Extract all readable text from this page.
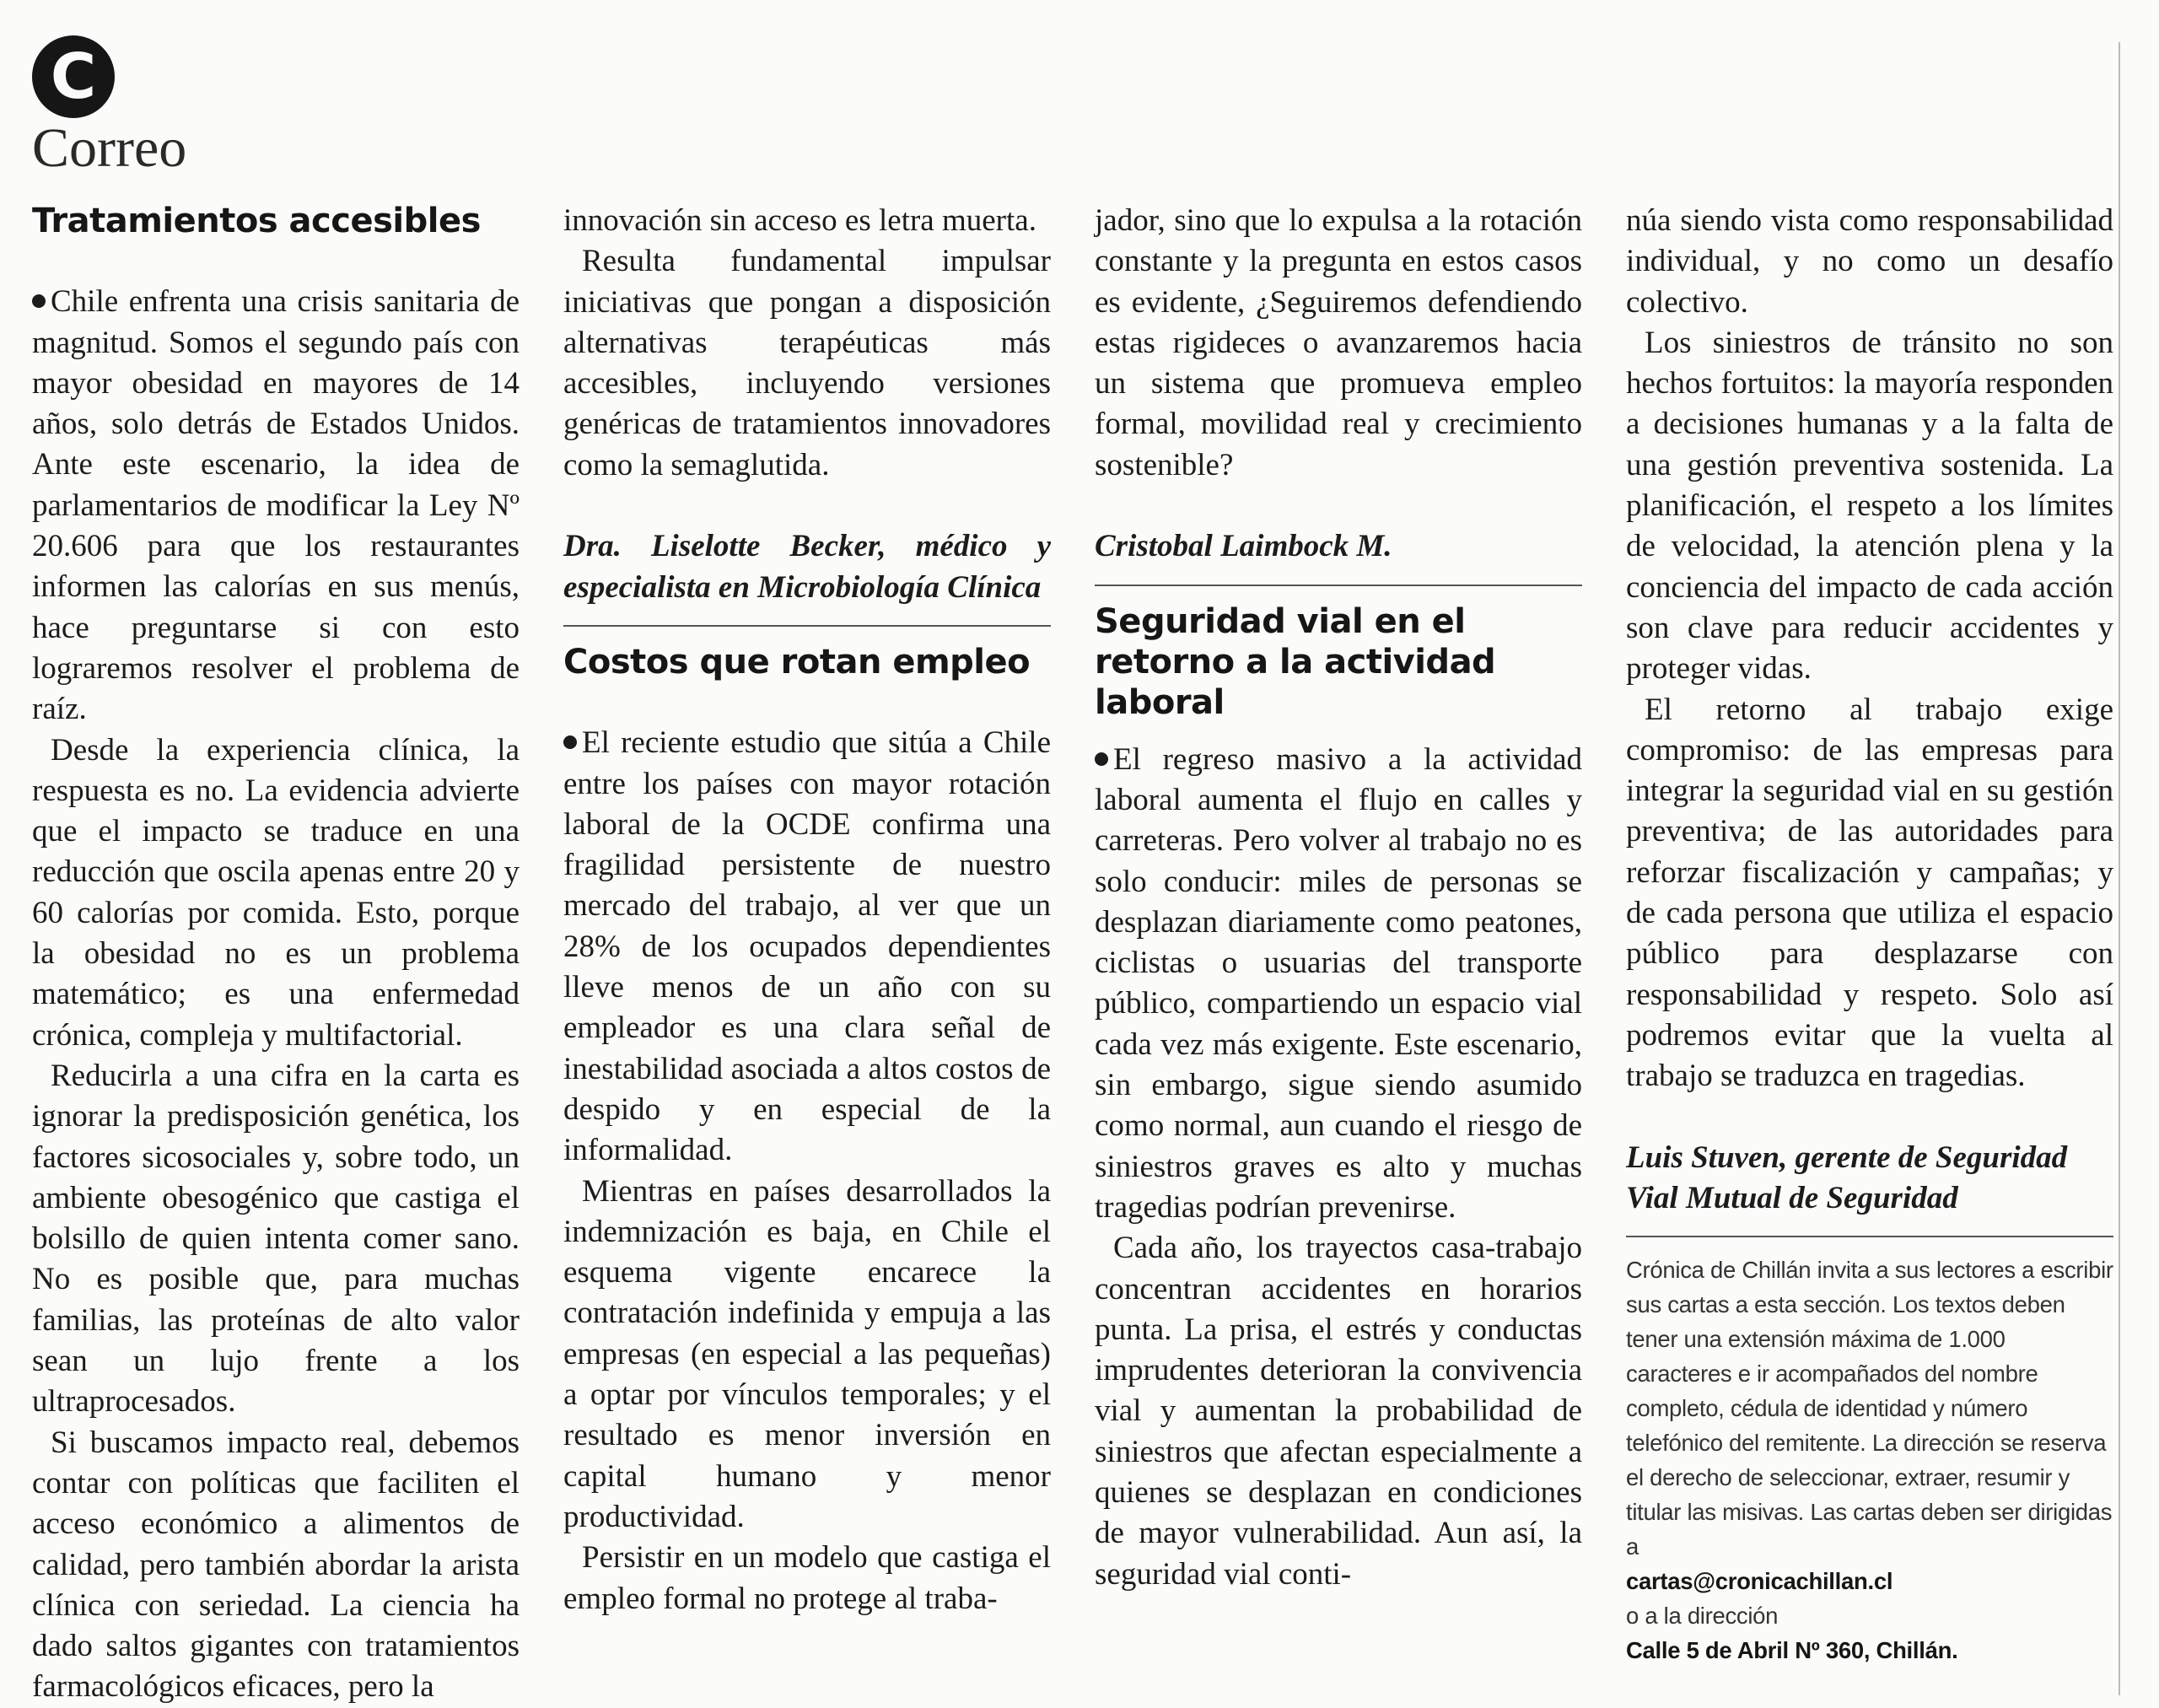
C
Correo
Tratamientos accesibles

Chile enfrenta una crisis sanitaria de magnitud. Somos el segundo país con mayor obesidad en mayores de 14 años, solo detrás de Estados Unidos. Ante este escenario, la idea de parlamentarios de modificar la Ley Nº 20.606 para que los restaurantes informen las calorías en sus menús, hace preguntarse si con esto lograremos resolver el problema de raíz.

Desde la experiencia clínica, la respuesta es no. La evidencia advierte que el impacto se traduce en una reducción que oscila apenas entre 20 y 60 calorías por comida. Esto, porque la obesidad no es un problema matemático; es una enfermedad crónica, compleja y multifactorial.

Reducirla a una cifra en la carta es ignorar la predisposición genética, los factores sicosociales y, sobre todo, un ambiente obesogénico que castiga el bolsillo de quien intenta comer sano. No es posible que, para muchas familias, las proteínas de alto valor sean un lujo frente a los ultraprocesados.

Si buscamos impacto real, debemos contar con políticas que faciliten el acceso económico a alimentos de calidad, pero también abordar la arista clínica con seriedad. La ciencia ha dado saltos gigantes con tratamientos farmacológicos eficaces, pero la

innovación sin acceso es letra muerta.

Resulta fundamental impulsar iniciativas que pongan a disposición alternativas terapéuticas más accesibles, incluyendo versiones genéricas de tratamientos innovadores como la semaglutida.

Dra. Liselotte Becker, médico y especialista en Microbiología Clínica

Costos que rotan empleo

El reciente estudio que sitúa a Chile entre los países con mayor rotación laboral de la OCDE confirma una fragilidad persistente de nuestro mercado del trabajo, al ver que un 28% de los ocupados dependientes lleve menos de un año con su empleador es una clara señal de inestabilidad asociada a altos costos de despido y en especial de la informalidad.

Mientras en países desarrollados la indemnización es baja, en Chile el esquema vigente encarece la contratación indefinida y empuja a las empresas (en especial a las pequeñas) a optar por vínculos temporales; y el resultado es menor inversión en capital humano y menor productividad.

Persistir en un modelo que castiga el empleo formal no protege al traba-

jador, sino que lo expulsa a la rotación constante y la pregunta en estos casos es evidente, ¿Seguiremos defendiendo estas rigideces o avanzaremos hacia un sistema que promueva empleo formal, movilidad real y crecimiento sostenible?

Cristobal Laimbock M.

Seguridad vial en el retorno a la actividad laboral

El regreso masivo a la actividad laboral aumenta el flujo en calles y carreteras. Pero volver al trabajo no es solo conducir: miles de personas se desplazan diariamente como peatones, ciclistas o usuarias del transporte público, compartiendo un espacio vial cada vez más exigente. Este escenario, sin embargo, sigue siendo asumido como normal, aun cuando el riesgo de siniestros graves es alto y muchas tragedias podrían prevenirse.

Cada año, los trayectos casa-trabajo concentran accidentes en horarios punta. La prisa, el estrés y conductas imprudentes deterioran la convivencia vial y aumentan la probabilidad de siniestros que afectan especialmente a quienes se desplazan en condiciones de mayor vulnerabilidad. Aun así, la seguridad vial conti-

núa siendo vista como responsabilidad individual, y no como un desafío colectivo.

Los siniestros de tránsito no son hechos fortuitos: la mayoría responden a decisiones humanas y a la falta de una gestión preventiva sostenida. La planificación, el respeto a los límites de velocidad, la atención plena y la conciencia del impacto de cada acción son clave para reducir accidentes y proteger vidas.

El retorno al trabajo exige compromiso: de las empresas para integrar la seguridad vial en su gestión preventiva; de las autoridades para reforzar fiscalización y campañas; y de cada persona que utiliza el espacio público para desplazarse con responsabilidad y respeto. Solo así podremos evitar que la vuelta al trabajo se traduzca en tragedias.

Luis Stuven, gerente de Seguridad

Vial Mutual de Seguridad

Crónica de Chillán invita a sus lectores a escribir sus cartas a esta sección. Los textos deben tener una extensión máxima de 1.000 caracteres e ir acompañados del nombre completo, cédula de identidad y número telefónico del remitente. La dirección se reserva el derecho de seleccionar, extraer, resumir y titular las misivas. Las cartas deben ser dirigidas a
cartas@cronicachillan.cl
o a la dirección
Calle 5 de Abril Nº 360, Chillán.
